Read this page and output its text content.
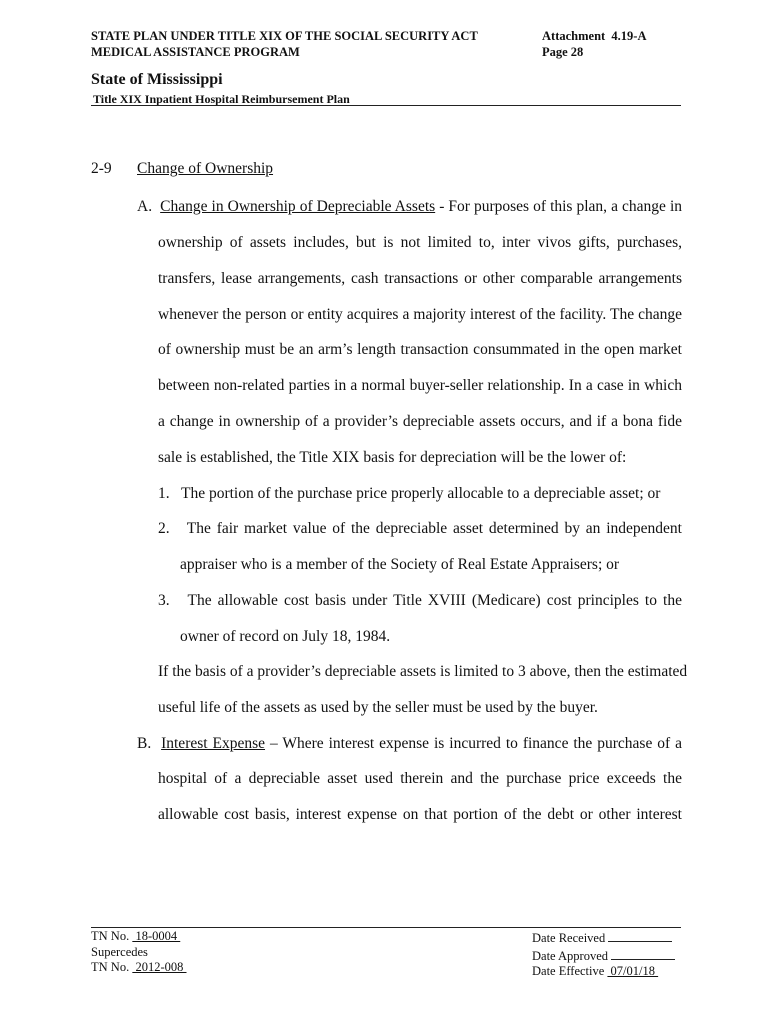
STATE PLAN UNDER TITLE XIX OF THE SOCIAL SECURITY ACT
MEDICAL ASSISTANCE PROGRAM
Attachment  4.19-A
Page 28
State of Mississippi
Title XIX Inpatient Hospital Reimbursement Plan
2-9 Change of Ownership
A. Change in Ownership of Depreciable Assets - For purposes of this plan, a change in
ownership of assets includes, but is not limited to, inter vivos gifts, purchases,
transfers, lease arrangements, cash transactions or other comparable arrangements
whenever the person or entity acquires a majority interest of the facility. The change
of ownership must be an arm’s length transaction consummated in the open market
between non-related parties in a normal buyer-seller relationship. In a case in which
a change in ownership of a provider’s depreciable assets occurs, and if a bona fide
sale is established, the Title XIX basis for depreciation will be the lower of:
1. The portion of the purchase price properly allocable to a depreciable asset; or
2. The fair market value of the depreciable asset determined by an independent
appraiser who is a member of the Society of Real Estate Appraisers; or
3. The allowable cost basis under Title XVIII (Medicare) cost principles to the
owner of record on July 18, 1984.
If the basis of a provider’s depreciable assets is limited to 3 above, then the estimated
useful life of the assets as used by the seller must be used by the buyer.
B. Interest Expense – Where interest expense is incurred to finance the purchase of a
hospital of a depreciable asset used therein and the purchase price exceeds the
allowable cost basis, interest expense on that portion of the debt or other interest
TN No.  18-0004
Supercedes
TN No.  2012-008
Date Received
Date Approved
Date Effective  07/01/18
